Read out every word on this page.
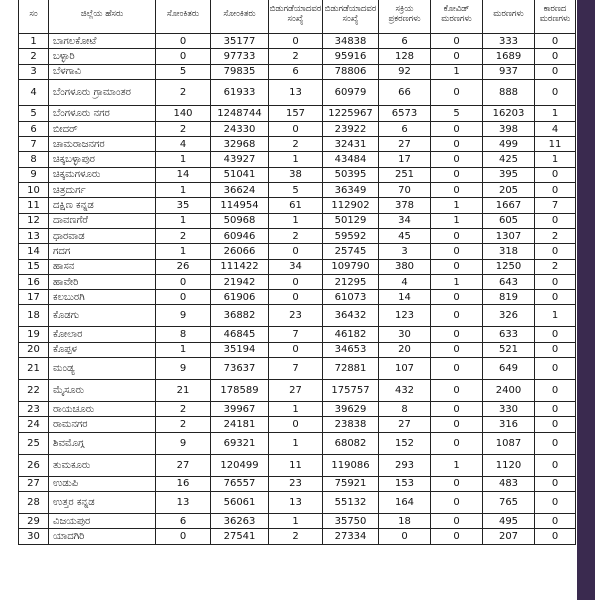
ಸಂ	ಜಿಲ್ಲೆಯ ಹೆಸರು	ಸೋಂಕಿತರು	ಸೋಂಕಿತರು	ಬಿಡುಗಡೆಯಾದವರ ಸಂಖ್ಯೆ	ಬಿಡುಗಡೆಯಾದವರ ಸಂಖ್ಯೆ	ಸಕ್ರಿಯ ಪ್ರಕರಣಗಳು	ಕೋವಿಡ್ ಮರಣಗಳು	ಮರಣಗಳು	ಕಾರಣದ ಮರಣಗಳು
1	ಬಾಗಲಕೋಟೆ	0	35177	0	34838	6	0	333	0
2	ಬಳ್ಳಾರಿ	0	97733	2	95916	128	0	1689	0
3	ಬೆಳಗಾವಿ	5	79835	6	78806	92	1	937	0
4	ಬೆಂಗಳೂರು ಗ್ರಾಮಾಂತರ	2	61933	13	60979	66	0	888	0
5	ಬೆಂಗಳೂರು ನಗರ	140	1248744	157	1225967	6573	5	16203	1
6	ಬೀದರ್	2	24330	0	23922	6	0	398	4
7	ಚಾಮರಾಜನಗರ	4	32968	2	32431	27	0	499	11
8	ಚಿಕ್ಕಬಳ್ಳಾಪುರ	1	43927	1	43484	17	0	425	1
9	ಚಿಕ್ಕಮಗಳೂರು	14	51041	38	50395	251	0	395	0
10	ಚಿತ್ರದುರ್ಗ	1	36624	5	36349	70	0	205	0
11	ದಕ್ಷಿಣ ಕನ್ನಡ	35	114954	61	112902	378	1	1667	7
12	ದಾವಣಗೆರೆ	1	50968	1	50129	34	1	605	0
13	ಧಾರವಾಡ	2	60946	2	59592	45	0	1307	2
14	ಗದಗ	1	26066	0	25745	3	0	318	0
15	ಹಾಸನ	26	111422	34	109790	380	0	1250	2
16	ಹಾವೇರಿ	0	21942	0	21295	4	1	643	0
17	ಕಲಬುರಗಿ	0	61906	0	61073	14	0	819	0
18	ಕೊಡಗು	9	36882	23	36432	123	0	326	1
19	ಕೋಲಾರ	8	46845	7	46182	30	0	633	0
20	ಕೊಪ್ಪಳ	1	35194	0	34653	20	0	521	0
21	ಮಂಡ್ಯ	9	73637	7	72881	107	0	649	0
22	ಮೈಸೂರು	21	178589	27	175757	432	0	2400	0
23	ರಾಯಚೂರು	2	39967	1	39629	8	0	330	0
24	ರಾಮನಗರ	2	24181	0	23838	27	0	316	0
25	ಶಿವಮೊಗ್ಗ	9	69321	1	68082	152	0	1087	0
26	ತುಮಕೂರು	27	120499	11	119086	293	1	1120	0
27	ಉಡುಪಿ	16	76557	23	75921	153	0	483	0
28	ಉತ್ತರ ಕನ್ನಡ	13	56061	13	55132	164	0	765	0
29	ವಿಜಯಪುರ	6	36263	1	35750	18	0	495	0
30	ಯಾದಗಿರಿ	0	27541	2	27334	0	0	207	0
